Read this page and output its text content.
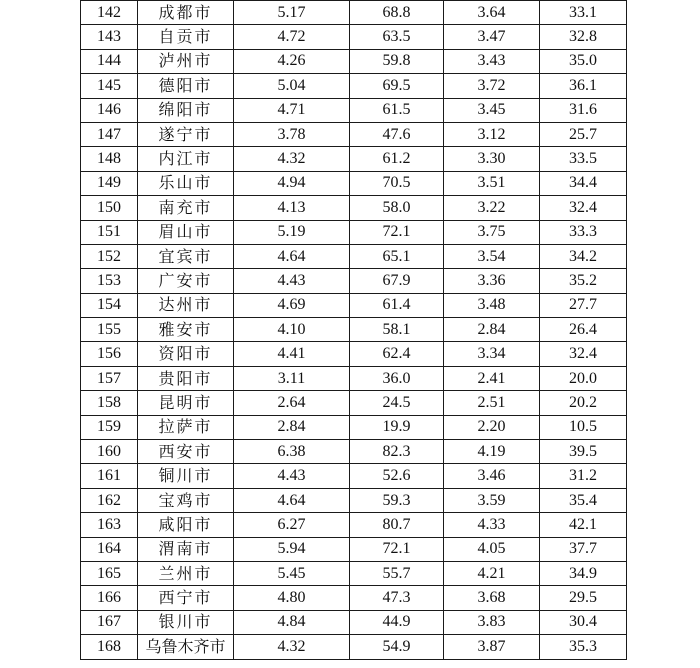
142	成都市	5.17	68.8	3.64	33.1
143	自贡市	4.72	63.5	3.47	32.8
144	泸州市	4.26	59.8	3.43	35.0
145	德阳市	5.04	69.5	3.72	36.1
146	绵阳市	4.71	61.5	3.45	31.6
147	遂宁市	3.78	47.6	3.12	25.7
148	内江市	4.32	61.2	3.30	33.5
149	乐山市	4.94	70.5	3.51	34.4
150	南充市	4.13	58.0	3.22	32.4
151	眉山市	5.19	72.1	3.75	33.3
152	宜宾市	4.64	65.1	3.54	34.2
153	广安市	4.43	67.9	3.36	35.2
154	达州市	4.69	61.4	3.48	27.7
155	雅安市	4.10	58.1	2.84	26.4
156	资阳市	4.41	62.4	3.34	32.4
157	贵阳市	3.11	36.0	2.41	20.0
158	昆明市	2.64	24.5	2.51	20.2
159	拉萨市	2.84	19.9	2.20	10.5
160	西安市	6.38	82.3	4.19	39.5
161	铜川市	4.43	52.6	3.46	31.2
162	宝鸡市	4.64	59.3	3.59	35.4
163	咸阳市	6.27	80.7	4.33	42.1
164	渭南市	5.94	72.1	4.05	37.7
165	兰州市	5.45	55.7	4.21	34.9
166	西宁市	4.80	47.3	3.68	29.5
167	银川市	4.84	44.9	3.83	30.4
168	乌鲁木齐市	4.32	54.9	3.87	35.3
